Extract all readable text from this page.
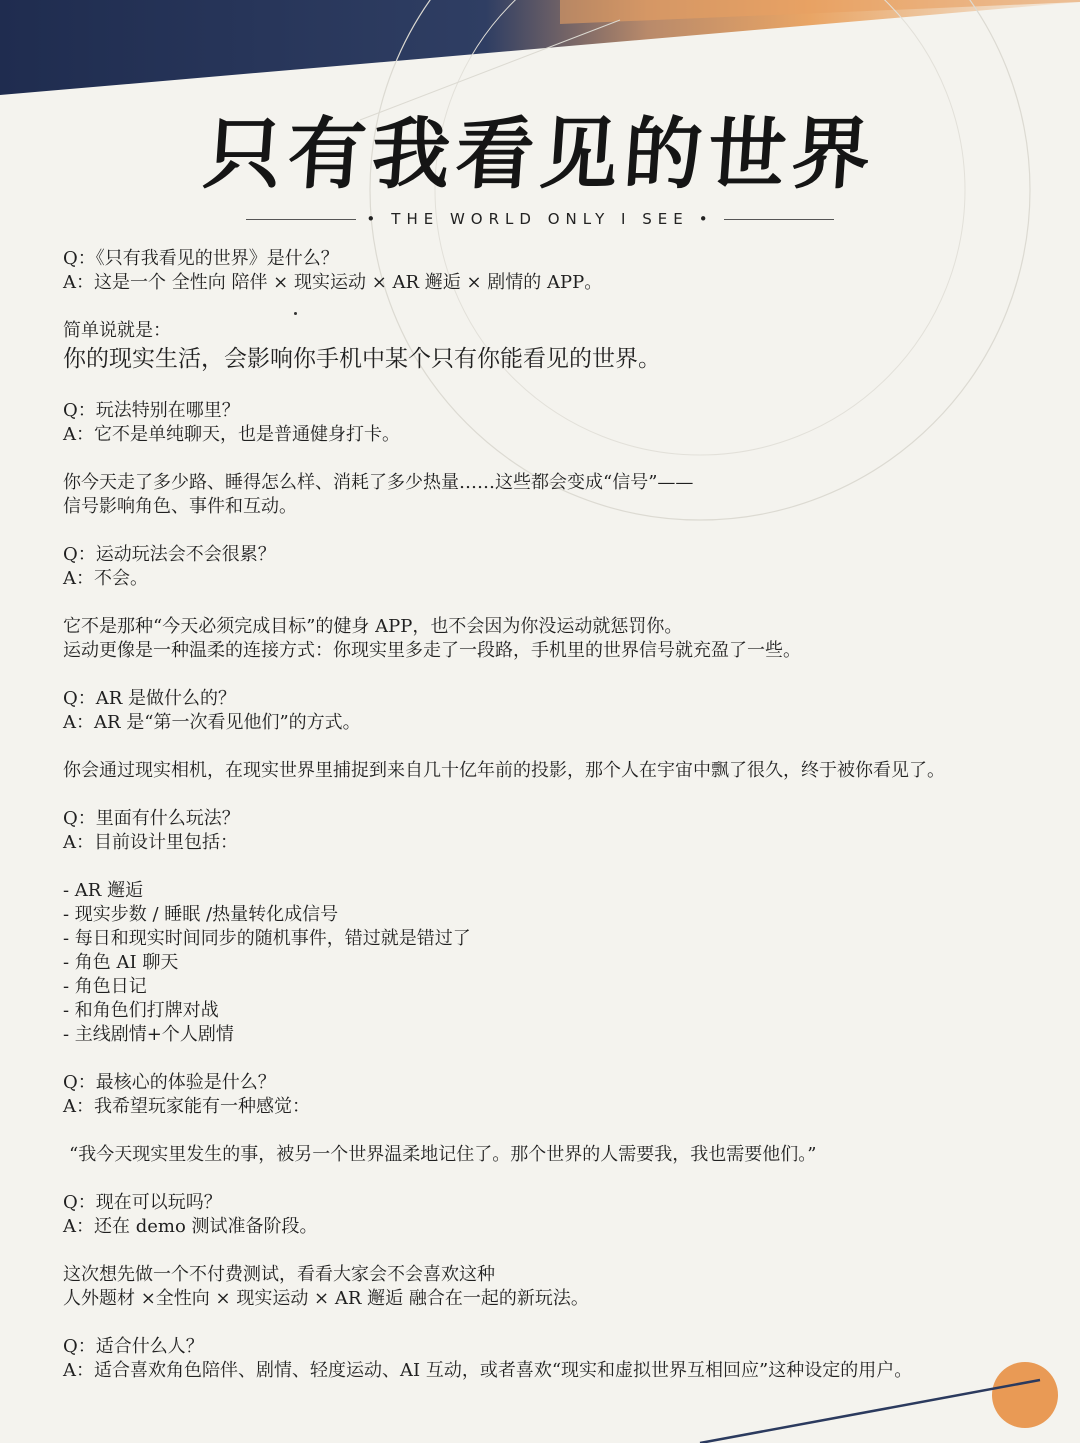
只有我看见的世界
• THE WORLD ONLY I SEE •

Q：《只有我看见的世界》是什么？

A：这是一个 全性向 陪伴 × 现实运动 × AR 邂逅 × 剧情的 APP。

简单说就是：

你的现实生活，会影响你手机中某个只有你能看见的世界。

Q：玩法特别在哪里？

A：它不是单纯聊天，也是普通健身打卡。

你今天走了多少路、睡得怎么样、消耗了多少热量……这些都会变成“信号”——

信号影响角色、事件和互动。

Q：运动玩法会不会很累？

A：不会。

它不是那种“今天必须完成目标”的健身 APP，也不会因为你没运动就惩罚你。

运动更像是一种温柔的连接方式：你现实里多走了一段路，手机里的世界信号就充盈了一些。

Q：AR 是做什么的？

A：AR 是“第一次看见他们”的方式。

你会通过现实相机，在现实世界里捕捉到来自几十亿年前的投影，那个人在宇宙中飘了很久，终于被你看见了。

Q：里面有什么玩法？

A：目前设计里包括：

- AR 邂逅

- 现实步数 / 睡眠 /热量转化成信号

- 每日和现实时间同步的随机事件，错过就是错过了

- 角色 AI 聊天

- 角色日记

- 和角色们打牌对战

- 主线剧情+个人剧情

Q：最核心的体验是什么？

A：我希望玩家能有一种感觉：

“我今天现实里发生的事，被另一个世界温柔地记住了。那个世界的人需要我，我也需要他们。”

Q：现在可以玩吗？

A：还在 demo 测试准备阶段。

这次想先做一个不付费测试，看看大家会不会喜欢这种

人外题材 ×全性向 × 现实运动 × AR 邂逅 融合在一起的新玩法。

Q：适合什么人？

A：适合喜欢角色陪伴、剧情、轻度运动、AI 互动，或者喜欢“现实和虚拟世界互相回应”这种设定的用户。
